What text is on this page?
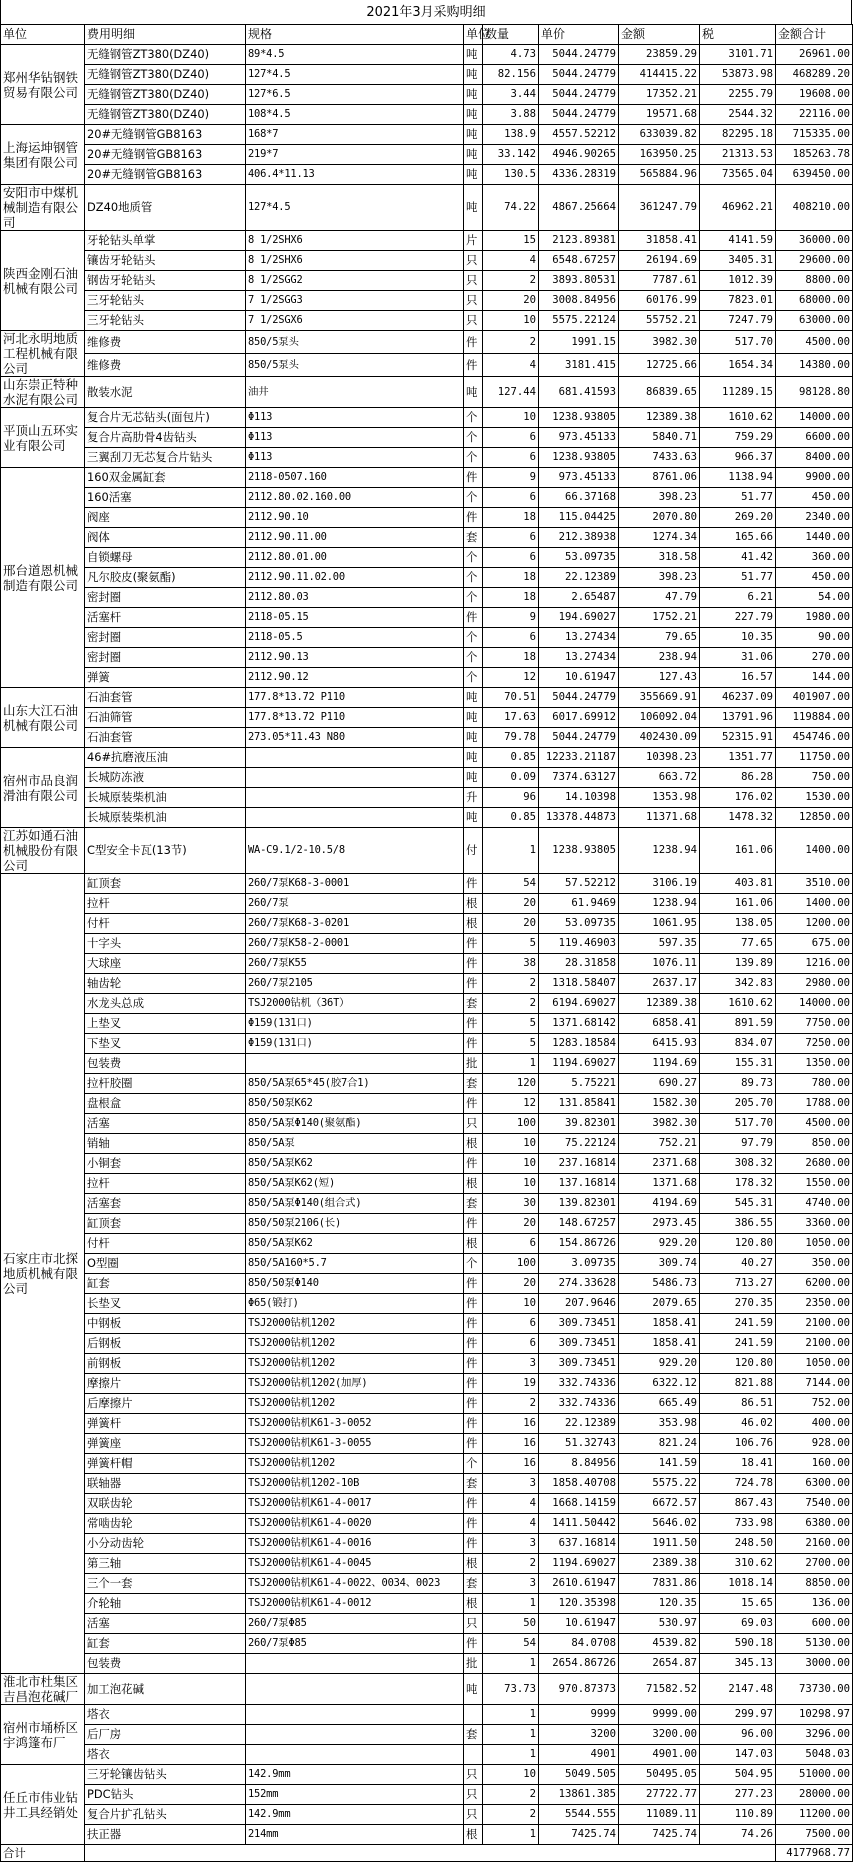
2021年3月采购明细
单位	费用明细	规格	单位	数量	单价	金额	税	金额合计
郑州华钻钢铁贸易有限公司	无缝钢管ZT380(DZ40)	89*4.5	吨	4.73	5044.24779	23859.29	3101.71	26961.00
	无缝钢管ZT380(DZ40)	127*4.5	吨	82.156	5044.24779	414415.22	53873.98	468289.20
	无缝钢管ZT380(DZ40)	127*6.5	吨	3.44	5044.24779	17352.21	2255.79	19608.00
	无缝钢管ZT380(DZ40)	108*4.5	吨	3.88	5044.24779	19571.68	2544.32	22116.00
上海运坤钢管集团有限公司	20#无缝钢管GB8163	168*7	吨	138.9	4557.52212	633039.82	82295.18	715335.00
	20#无缝钢管GB8163	219*7	吨	33.142	4946.90265	163950.25	21313.53	185263.78
	20#无缝钢管GB8163	406.4*11.13	吨	130.5	4336.28319	565884.96	73565.04	639450.00
安阳市中煤机械制造有限公司	DZ40地质管	127*4.5	吨	74.22	4867.25664	361247.79	46962.21	408210.00
陕西金刚石油机械有限公司	牙轮钻头单掌	8 1/2SHX6	片	15	2123.89381	31858.41	4141.59	36000.00
	镶齿牙轮钻头	8 1/2SHX6	只	4	6548.67257	26194.69	3405.31	29600.00
	钢齿牙轮钻头	8 1/2SGG2	只	2	3893.80531	7787.61	1012.39	8800.00
	三牙轮钻头	7 1/2SGG3	只	20	3008.84956	60176.99	7823.01	68000.00
	三牙轮钻头	7 1/2SGX6	只	10	5575.22124	55752.21	7247.79	63000.00
河北永明地质工程机械有限公司	维修费	850/5泵头	件	2	1991.15	3982.30	517.70	4500.00
	维修费	850/5泵头	件	4	3181.415	12725.66	1654.34	14380.00
山东崇正特种水泥有限公司	散装水泥	油井	吨	127.44	681.41593	86839.65	11289.15	98128.80
平顶山五环实业有限公司	复合片无芯钻头(面包片)	Φ113	个	10	1238.93805	12389.38	1610.62	14000.00
	复合片高肋骨4齿钻头	Φ113	个	6	973.45133	5840.71	759.29	6600.00
	三翼刮刀无芯复合片钻头	Φ113	个	6	1238.93805	7433.63	966.37	8400.00
邢台道恩机械制造有限公司	160双金属缸套	2118-0507.160	件	9	973.45133	8761.06	1138.94	9900.00
	160活塞	2112.80.02.160.00	个	6	66.37168	398.23	51.77	450.00
	阀座	2112.90.10	件	18	115.04425	2070.80	269.20	2340.00
	阀体	2112.90.11.00	套	6	212.38938	1274.34	165.66	1440.00
	自锁螺母	2112.80.01.00	个	6	53.09735	318.58	41.42	360.00
	凡尔胶皮(聚氨酯)	2112.90.11.02.00	个	18	22.12389	398.23	51.77	450.00
	密封圈	2112.80.03	个	18	2.65487	47.79	6.21	54.00
	活塞杆	2118-05.15	件	9	194.69027	1752.21	227.79	1980.00
	密封圈	2118-05.5	个	6	13.27434	79.65	10.35	90.00
	密封圈	2112.90.13	个	18	13.27434	238.94	31.06	270.00
	弹簧	2112.90.12	个	12	10.61947	127.43	16.57	144.00
山东大江石油机械有限公司	石油套管	177.8*13.72 P110	吨	70.51	5044.24779	355669.91	46237.09	401907.00
	石油筛管	177.8*13.72 P110	吨	17.63	6017.69912	106092.04	13791.96	119884.00
	石油套管	273.05*11.43 N80	吨	79.78	5044.24779	402430.09	52315.91	454746.00
宿州市品良润滑油有限公司	46#抗磨液压油		吨	0.85	12233.21187	10398.23	1351.77	11750.00
	长城防冻液		吨	0.09	7374.63127	663.72	86.28	750.00
	长城原装柴机油		升	96	14.10398	1353.98	176.02	1530.00
	长城原装柴机油		吨	0.85	13378.44873	11371.68	1478.32	12850.00
江苏如通石油机械股份有限公司	C型安全卡瓦(13节)	WA-C9.1/2-10.5/8	付	1	1238.93805	1238.94	161.06	1400.00
石家庄市北探地质机械有限公司	缸顶套	260/7泵K68-3-0001	件	54	57.52212	3106.19	403.81	3510.00
	拉杆	260/7泵	根	20	61.9469	1238.94	161.06	1400.00
	付杆	260/7泵K68-3-0201	根	20	53.09735	1061.95	138.05	1200.00
	十字头	260/7泵K58-2-0001	件	5	119.46903	597.35	77.65	675.00
	大球座	260/7泵K55	件	38	28.31858	1076.11	139.89	1216.00
	轴齿轮	260/7泵2105	件	2	1318.58407	2637.17	342.83	2980.00
	水龙头总成	TSJ2000钻机（36T）	套	2	6194.69027	12389.38	1610.62	14000.00
	上垫叉	Φ159(131口)	件	5	1371.68142	6858.41	891.59	7750.00
	下垫叉	Φ159(131口)	件	5	1283.18584	6415.93	834.07	7250.00
	包装费		批	1	1194.69027	1194.69	155.31	1350.00
	拉杆胶圈	850/5A泵65*45(胶7合1)	套	120	5.75221	690.27	89.73	780.00
	盘根盒	850/50泵K62	件	12	131.85841	1582.30	205.70	1788.00
	活塞	850/5A泵Φ140(聚氨酯)	只	100	39.82301	3982.30	517.70	4500.00
	销轴	850/5A泵	根	10	75.22124	752.21	97.79	850.00
	小铜套	850/5A泵K62	件	10	237.16814	2371.68	308.32	2680.00
	拉杆	850/5A泵K62(短)	根	10	137.16814	1371.68	178.32	1550.00
	活塞套	850/5A泵Φ140(组合式)	套	30	139.82301	4194.69	545.31	4740.00
	缸顶套	850/50泵2106(长)	件	20	148.67257	2973.45	386.55	3360.00
	付杆	850/5A泵K62	根	6	154.86726	929.20	120.80	1050.00
	O型圈	850/5A160*5.7	个	100	3.09735	309.74	40.27	350.00
	缸套	850/50泵Φ140	件	20	274.33628	5486.73	713.27	6200.00
	长垫叉	Φ65(锻打)	件	10	207.9646	2079.65	270.35	2350.00
	中钢板	TSJ2000钻机1202	件	6	309.73451	1858.41	241.59	2100.00
	后钢板	TSJ2000钻机1202	件	6	309.73451	1858.41	241.59	2100.00
	前钢板	TSJ2000钻机1202	件	3	309.73451	929.20	120.80	1050.00
	摩擦片	TSJ2000钻机1202(加厚)	件	19	332.74336	6322.12	821.88	7144.00
	后摩擦片	TSJ2000钻机1202	件	2	332.74336	665.49	86.51	752.00
	弹簧杆	TSJ2000钻机K61-3-0052	件	16	22.12389	353.98	46.02	400.00
	弹簧座	TSJ2000钻机K61-3-0055	件	16	51.32743	821.24	106.76	928.00
	弹簧杆帽	TSJ2000钻机1202	个	16	8.84956	141.59	18.41	160.00
	联轴器	TSJ2000钻机1202-10B	套	3	1858.40708	5575.22	724.78	6300.00
	双联齿轮	TSJ2000钻机K61-4-0017	件	4	1668.14159	6672.57	867.43	7540.00
	常啮齿轮	TSJ2000钻机K61-4-0020	件	4	1411.50442	5646.02	733.98	6380.00
	小分动齿轮	TSJ2000钻机K61-4-0016	件	3	637.16814	1911.50	248.50	2160.00
	第三轴	TSJ2000钻机K61-4-0045	根	2	1194.69027	2389.38	310.62	2700.00
	三个一套	TSJ2000钻机K61-4-0022、0034、0023	套	3	2610.61947	7831.86	1018.14	8850.00
	介轮轴	TSJ2000钻机K61-4-0012	根	1	120.35398	120.35	15.65	136.00
	活塞	260/7泵Φ85	只	50	10.61947	530.97	69.03	600.00
	缸套	260/7泵Φ85	件	54	84.0708	4539.82	590.18	5130.00
	包装费		批	1	2654.86726	2654.87	345.13	3000.00
淮北市杜集区吉昌泡花碱厂	加工泡花碱		吨	73.73	970.87373	71582.52	2147.48	73730.00
宿州市埇桥区宇鸿篷布厂	塔衣			1	9999	9999.00	299.97	10298.97
	后厂房		套	1	3200	3200.00	96.00	3296.00
	塔衣			1	4901	4901.00	147.03	5048.03
任丘市伟业钻井工具经销处	三牙轮镶齿钻头	142.9mm	只	10	5049.505	50495.05	504.95	51000.00
	PDC钻头	152mm	只	2	13861.385	27722.77	277.23	28000.00
	复合片扩孔钻头	142.9mm	只	2	5544.555	11089.11	110.89	11200.00
	扶正器	214mm	根	1	7425.74	7425.74	74.26	7500.00
合计								4177968.77
